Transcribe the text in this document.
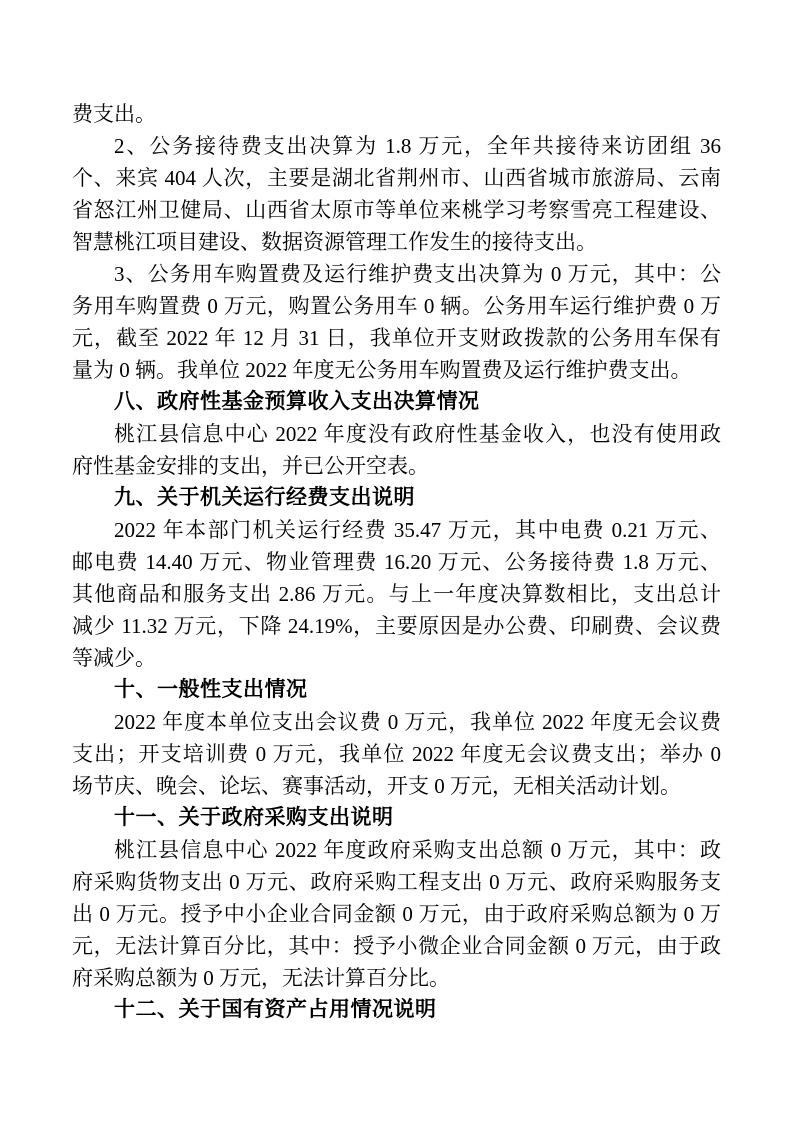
费支出。
2、公务接待费支出决算为 1.8 万元，全年共接待来访团组 36
个、来宾 404 人次，主要是湖北省荆州市、山西省城市旅游局、云南
省怒江州卫健局、山西省太原市等单位来桃学习考察雪亮工程建设、
智慧桃江项目建设、数据资源管理工作发生的接待支出。
3、公务用车购置费及运行维护费支出决算为 0 万元，其中：公
务用车购置费 0 万元，购置公务用车 0 辆。公务用车运行维护费 0 万
元，截至 2022 年 12 月 31 日，我单位开支财政拨款的公务用车保有
量为 0 辆。我单位 2022 年度无公务用车购置费及运行维护费支出。
八、政府性基金预算收入支出决算情况
桃江县信息中心 2022 年度没有政府性基金收入，也没有使用政
府性基金安排的支出，并已公开空表。
九、关于机关运行经费支出说明
2022 年本部门机关运行经费 35.47 万元，其中电费 0.21 万元、
邮电费 14.40 万元、物业管理费 16.20 万元、公务接待费 1.8 万元、
其他商品和服务支出 2.86 万元。与上一年度决算数相比，支出总计
减少 11.32 万元，下降 24.19%，主要原因是办公费、印刷费、会议费
等减少。
十、一般性支出情况
2022 年度本单位支出会议费 0 万元，我单位 2022 年度无会议费
支出；开支培训费 0 万元，我单位 2022 年度无会议费支出；举办 0
场节庆、晚会、论坛、赛事活动，开支 0 万元，无相关活动计划。
十一、关于政府采购支出说明
桃江县信息中心 2022 年度政府采购支出总额 0 万元，其中：政
府采购货物支出 0 万元、政府采购工程支出 0 万元、政府采购服务支
出 0 万元。授予中小企业合同金额 0 万元，由于政府采购总额为 0 万
元，无法计算百分比，其中：授予小微企业合同金额 0 万元，由于政
府采购总额为 0 万元，无法计算百分比。
十二、关于国有资产占用情况说明
